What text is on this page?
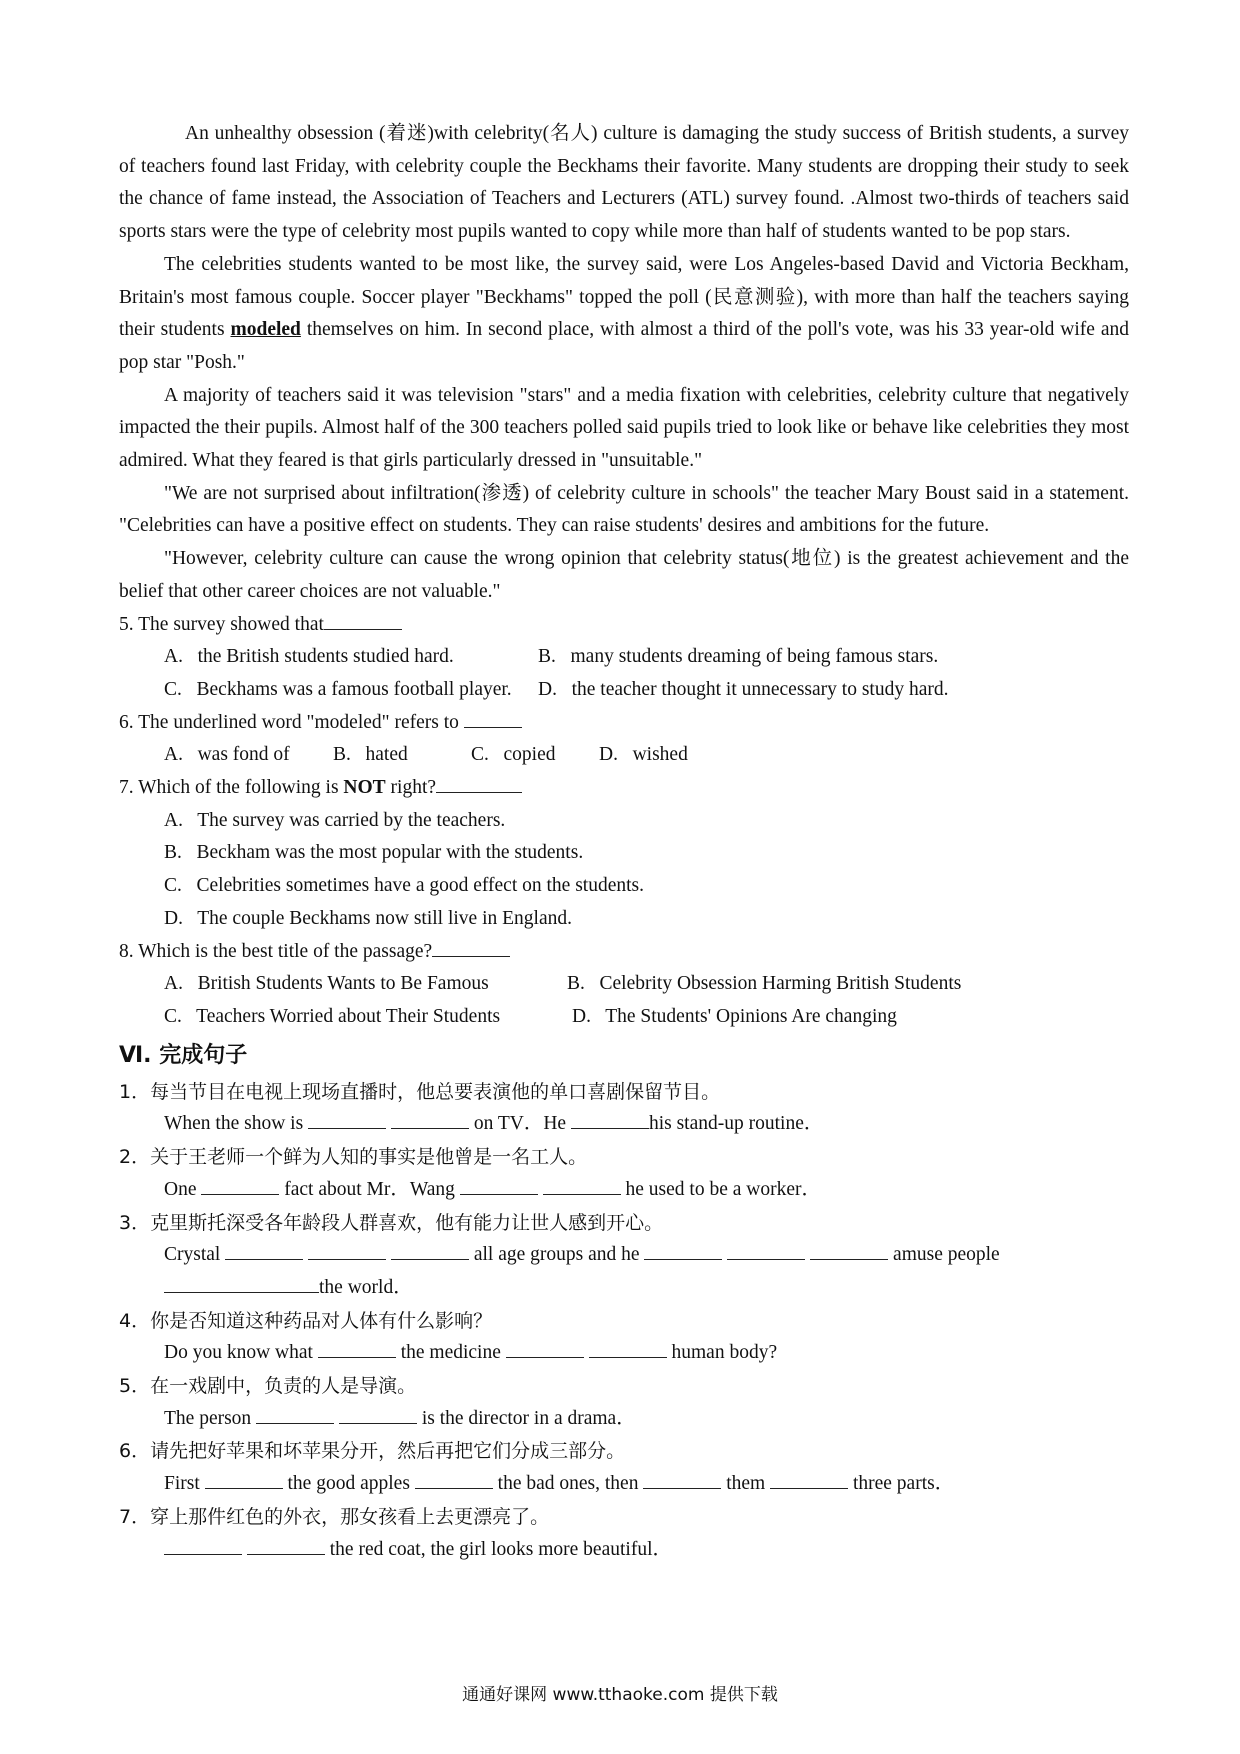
An unhealthy obsession (着迷)with celebrity(名人) culture is damaging the study success of British students, a survey of teachers found last Friday, with celebrity couple the Beckhams their favorite. Many students are dropping their study to seek the chance of fame instead, the Association of Teachers and Lecturers (ATL) survey found. .Almost two-thirds of teachers said sports stars were the type of celebrity most pupils wanted to copy while more than half of students wanted to be pop stars.

The celebrities students wanted to be most like, the survey said, were Los Angeles-based David and Victoria Beckham, Britain's most famous couple. Soccer player "Beckhams" topped the poll (民意测验), with more than half the teachers saying their students modeled themselves on him. In second place, with almost a third of the poll's vote, was his 33 year-old wife and pop star "Posh."

A majority of teachers said it was television "stars" and a media fixation with celebrities, celebrity culture that negatively impacted the their pupils. Almost half of the 300 teachers polled said pupils tried to look like or behave like celebrities they most admired. What they feared is that girls particularly dressed in "unsuitable."

"We are not surprised about infiltration(渗透) of celebrity culture in schools" the teacher Mary Boust said in a statement. "Celebrities can have a positive effect on students. They can raise students' desires and ambitions for the future.

"However, celebrity culture can cause the wrong opinion that celebrity status(地位) is the greatest achievement and the belief that other career choices are not valuable."

5. The survey showed that

A.   the British students studied hard.	B.   many students dreaming of being famous stars.
C.   Beckhams was a famous football player.	D.   the teacher thought it unnecessary to study hard.

6. The underlined word "modeled" refers to

A.   was fond of	B.   hated	C.   copied	D.   wished

7. Which of the following is NOT right?

A.   The survey was carried by the teachers.
B.   Beckham was the most popular with the students.
C.   Celebrities sometimes have a good effect on the students.
D.   The couple Beckhams now still live in England.

8. Which is the best title of the passage?

A.   British Students Wants to Be Famous	B.   Celebrity Obsession Harming British Students
C.   Teachers Worried about Their Students	D.   The Students' Opinions Are changing
Ⅵ. 完成句子
1．每当节目在电视上现场直播时，他总要表演他的单口喜剧保留节目。
When the show is	on TV．He	his stand-up routine．
2．关于王老师一个鲜为人知的事实是他曾是一名工人。
One	fact about Mr．Wang	he used to be a worker．
3．克里斯托深受各年龄段人群喜欢，他有能力让世人感到开心。
Crystal	all age groups and he	amuse people
the world．
4．你是否知道这种药品对人体有什么影响？
Do you know what	the medicine	human body?
5．在一戏剧中，负责的人是导演。
The person	is the director in a drama．
6．请先把好苹果和坏苹果分开，然后再把它们分成三部分。
First	the good apples	the bad ones, then	them	three parts．
7．穿上那件红色的外衣，那女孩看上去更漂亮了。
the red coat, the girl looks more beautiful．
通通好课网 www.tthaoke.com 提供下载
